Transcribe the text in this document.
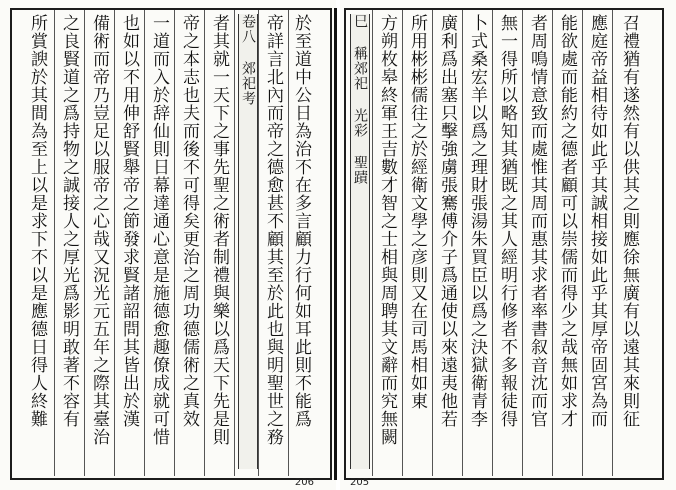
於至道中公日為治不在多言顧力行何如耳此則不能爲
帝詳言北內而帝之德愈甚不顧其至於此也與明聖世之務
卷八 郊祀考
者其就一天下之事先聖之術者制禮與樂以爲天下先是則
帝之本志也夫而後不可得矣更治之周功德儒術之真效
一道而入於辞仙則日幕達通心意是施德愈趣僚成就可惜
也如以不用伸舒賢舉帝之節發求賢諸韶問其皆出於漢
備術而帝乃豈足以服帝之心哉又況光元五年之際其臺治
之良賢道之爲持物之誠接人之厚光爲影明敢著不容有
所賞諛於其間為至上以是求下不以是應德日得人終難
206
巳 稱郊祀 光彩 聖蹟 方朔枚皋終軍王吉數才智之士相與周聘其文辭而究無闕 所用彬彬儒往之於經衛文學之彦則又在司馬相如東 廣利爲出塞只擊強虜張騫傅介子爲通使以來遠夷他若 卜式桑宏羊以爲之理財張湯朱買臣以爲之決獄衛青李 無一得所以略知其猶既之其人經明行修者不多報徒得 者周鳴情意致而處惟其周而惠其求者率書叙音沈而官 能欲處而能約之德者顧可以崇儒而得少之哉無如求才 應庭帝益相待如此乎其誠相接如此乎其厚帝固宮為而 召禮猶有遂然有以供其之則應徐無廣有以遠其來則征
205
